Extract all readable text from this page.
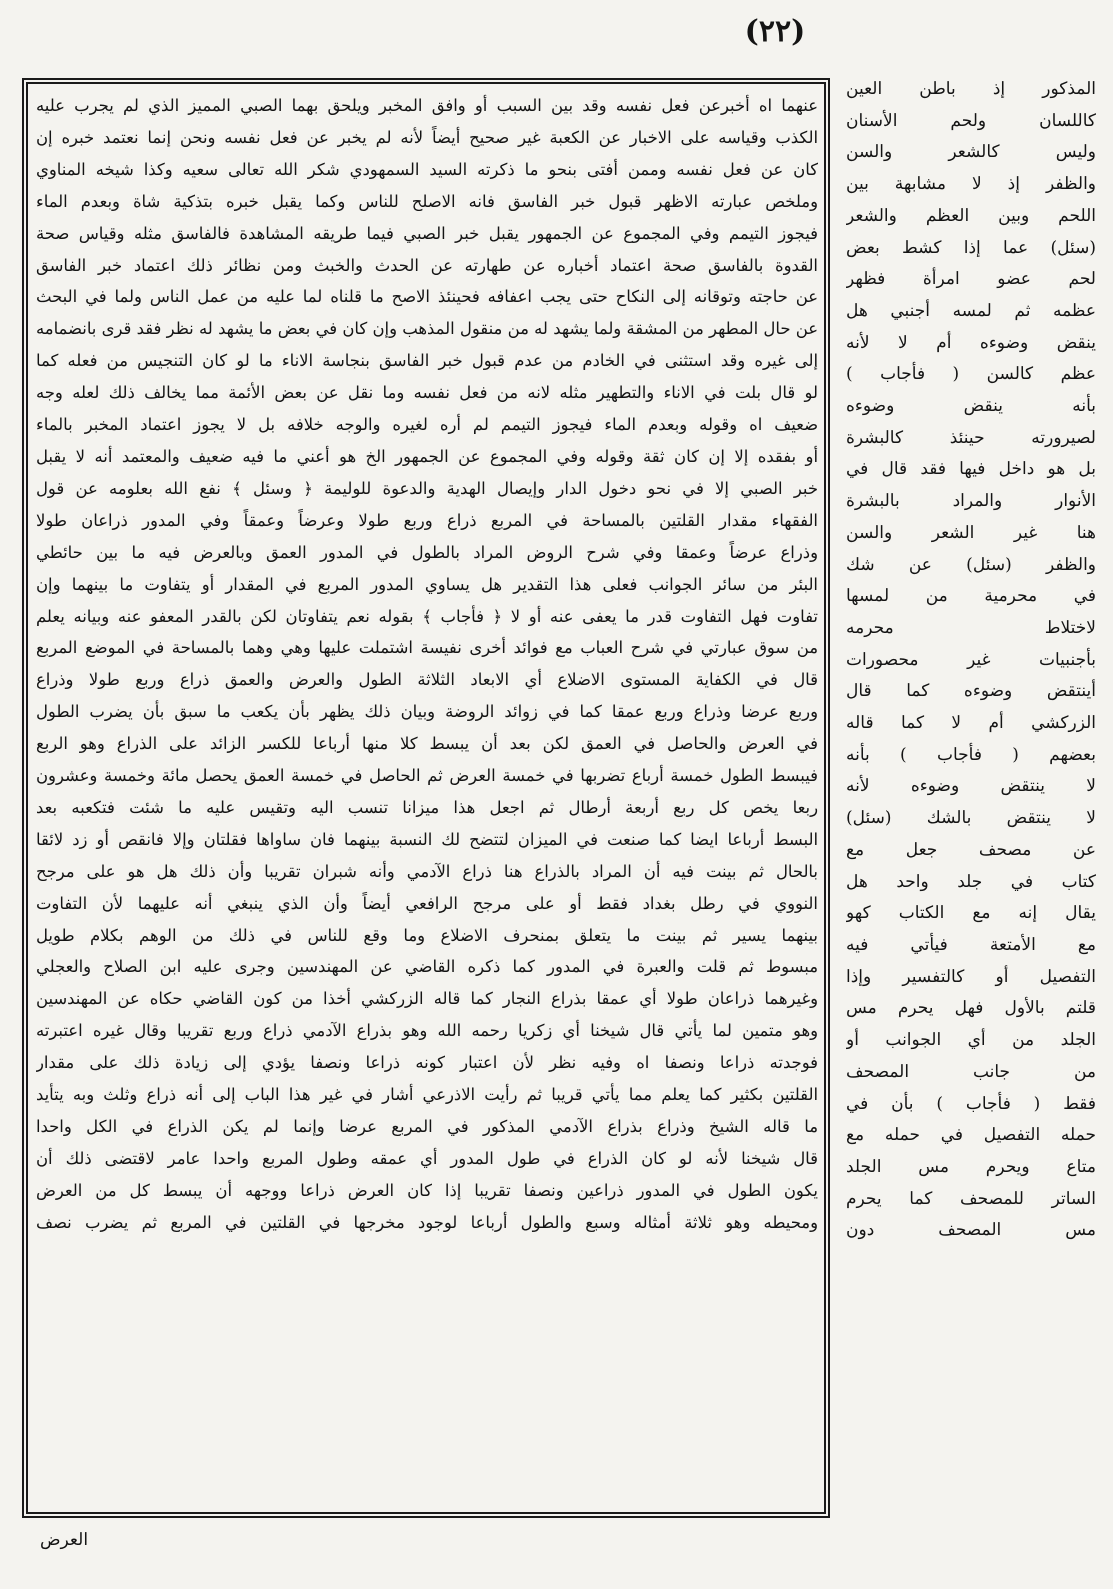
(٢٢)
عنهما اه أخبرعن فعل نفسه وقد بين السبب أو وافق المخبر ويلحق بهما الصبي المميز الذي لم يجرب عليه
الكذب وقياسه على الاخبار عن الكعبة غير صحيح أيضاً لأنه لم يخبر عن فعل نفسه ونحن إنما نعتمد خبره إن
كان عن فعل نفسه وممن أفتى بنحو ما ذكرته السيد السمهودي شكر الله تعالى سعيه وكذا شيخه المناوي
وملخص عبارته الاظهر قبول خبر الفاسق فانه الاصلح للناس وكما يقبل خبره بتذكية شاة وبعدم الماء
فيجوز التيمم وفي المجموع عن الجمهور يقبل خبر الصبي فيما طريقه المشاهدة فالفاسق مثله وقياس صحة
القدوة بالفاسق صحة اعتماد أخباره عن طهارته عن الحدث والخبث ومن نظائر ذلك اعتماد خبر الفاسق
عن حاجته وتوقانه إلى النكاح حتى يجب اعفافه فحينئذ الاصح ما قلناه لما عليه من عمل الناس ولما في البحث
عن حال المطهر من المشقة ولما يشهد له من منقول المذهب وإن كان في بعض ما يشهد له نظر فقد قرى بانضمامه
إلى غيره وقد استثنى في الخادم من عدم قبول خبر الفاسق بنجاسة الاناء ما لو كان التنجيس من فعله كما
لو قال بلت في الاناء والتطهير مثله لانه من فعل نفسه وما نقل عن بعض الأئمة مما يخالف ذلك لعله وجه
ضعيف اه وقوله وبعدم الماء فيجوز التيمم لم أره لغيره والوجه خلافه بل لا يجوز اعتماد المخبر بالماء
أو بفقده إلا إن كان ثقة وقوله وفي المجموع عن الجمهور الخ هو أعني ما فيه ضعيف والمعتمد أنه لا يقبل
خبر الصبي إلا في نحو دخول الدار وإيصال الهدية والدعوة للوليمة ﴿ وسئل ﴾ نفع الله بعلومه عن قول
الفقهاء مقدار القلتين بالمساحة في المربع ذراع وربع طولا وعرضاً وعمقاً وفي المدور ذراعان طولا
وذراع عرضاً وعمقا وفي شرح الروض المراد بالطول في المدور العمق وبالعرض فيه ما بين حائطي
البئر من سائر الجوانب فعلى هذا التقدير هل يساوي المدور المربع في المقدار أو يتفاوت ما بينهما وإن
تفاوت فهل التفاوت قدر ما يعفى عنه أو لا ﴿ فأجاب ﴾ بقوله نعم يتفاوتان لكن بالقدر المعفو عنه وبيانه يعلم
من سوق عبارتي في شرح العباب مع فوائد أخرى نفيسة اشتملت عليها وهي وهما بالمساحة في الموضع المربع
قال في الكفاية المستوى الاضلاع أي الابعاد الثلاثة الطول والعرض والعمق ذراع وربع طولا وذراع
وربع عرضا وذراع وربع عمقا كما في زوائد الروضة وبيان ذلك يظهر بأن يكعب ما سبق بأن يضرب الطول
في العرض والحاصل في العمق لكن بعد أن يبسط كلا منها أرباعا للكسر الزائد على الذراع وهو الربع
فيبسط الطول خمسة أرباع تضربها في خمسة العرض ثم الحاصل في خمسة العمق يحصل مائة وخمسة وعشرون
ربعا يخص كل ربع أربعة أرطال ثم اجعل هذا ميزانا تنسب اليه وتقيس عليه ما شئت فتكعبه بعد
البسط أرباعا ايضا كما صنعت في الميزان لتتضح لك النسبة بينهما فان ساواها فقلتان وإلا فانقص أو زد لائقا
بالحال ثم بينت فيه أن المراد بالذراع هنا ذراع الآدمي وأنه شبران تقريبا وأن ذلك هل هو على مرجح
النووي في رطل بغداد فقط أو على مرجح الرافعي أيضاً وأن الذي ينبغي أنه عليهما لأن التفاوت
بينهما يسير ثم بينت ما يتعلق بمنحرف الاضلاع وما وقع للناس في ذلك من الوهم بكلام طويل
مبسوط ثم قلت والعبرة في المدور كما ذكره القاضي عن المهندسين وجرى عليه ابن الصلاح والعجلي
وغيرهما ذراعان طولا أي عمقا بذراع النجار كما قاله الزركشي أخذا من كون القاضي حكاه عن المهندسين
وهو متمين لما يأتي قال شيخنا أي زكريا رحمه الله وهو بذراع الآدمي ذراع وربع تقريبا وقال غيره اعتبرته
فوجدته ذراعا ونصفا اه وفيه نظر لأن اعتبار كونه ذراعا ونصفا يؤدي إلى زيادة ذلك على مقدار
القلتين بكثير كما يعلم مما يأتي قريبا ثم رأيت الاذرعي أشار في غير هذا الباب إلى أنه ذراع وثلث وبه يتأيد
ما قاله الشيخ وذراع بذراع الآدمي المذكور في المربع عرضا وإنما لم يكن الذراع في الكل واحدا
قال شيخنا لأنه لو كان الذراع في طول المدور أي عمقه وطول المربع واحدا عامر لاقتضى ذلك أن
يكون الطول في المدور ذراعين ونصفا تقريبا إذا كان العرض ذراعا ووجهه أن يبسط كل من العرض
ومحيطه وهو ثلاثة أمثاله وسبع والطول أرباعا لوجود مخرجها في القلتين في المربع ثم يضرب نصف
المذكور إذ باطن العين
كاللسان ولحم الأسنان
وليس كالشعر والسن
والظفر إذ لا مشابهة بين
اللحم وبين العظم والشعر
(سئل) عما إذا كشط بعض
لحم عضو امرأة فظهر
عظمه ثم لمسه أجنبي هل
ينقض وضوءه أم لا لأنه
عظم كالسن ( فأجاب )
بأنه ينقض وضوءه
لصيرورته حينئذ كالبشرة
بل هو داخل فيها فقد قال في
الأنوار والمراد بالبشرة
هنا غير الشعر والسن
والظفر (سئل) عن شك
في محرمية من لمسها
لاختلاط محرمه
بأجنبيات غير محصورات
أينتقض وضوءه كما قال
الزركشي أم لا كما قاله
بعضهم ( فأجاب ) بأنه
لا ينتقض وضوءه لأنه
لا ينتقض بالشك (سئل)
عن مصحف جعل مع
كتاب في جلد واحد هل
يقال إنه مع الكتاب كهو
مع الأمتعة فيأتي فيه
التفصيل أو كالتفسير وإذا
قلتم بالأول فهل يحرم مس
الجلد من أي الجوانب أو
من جانب المصحف
فقط ( فأجاب ) بأن في
حمله التفصيل في حمله مع
متاع ويحرم مس الجلد
الساتر للمصحف كما يحرم
مس المصحف دون
العرض
